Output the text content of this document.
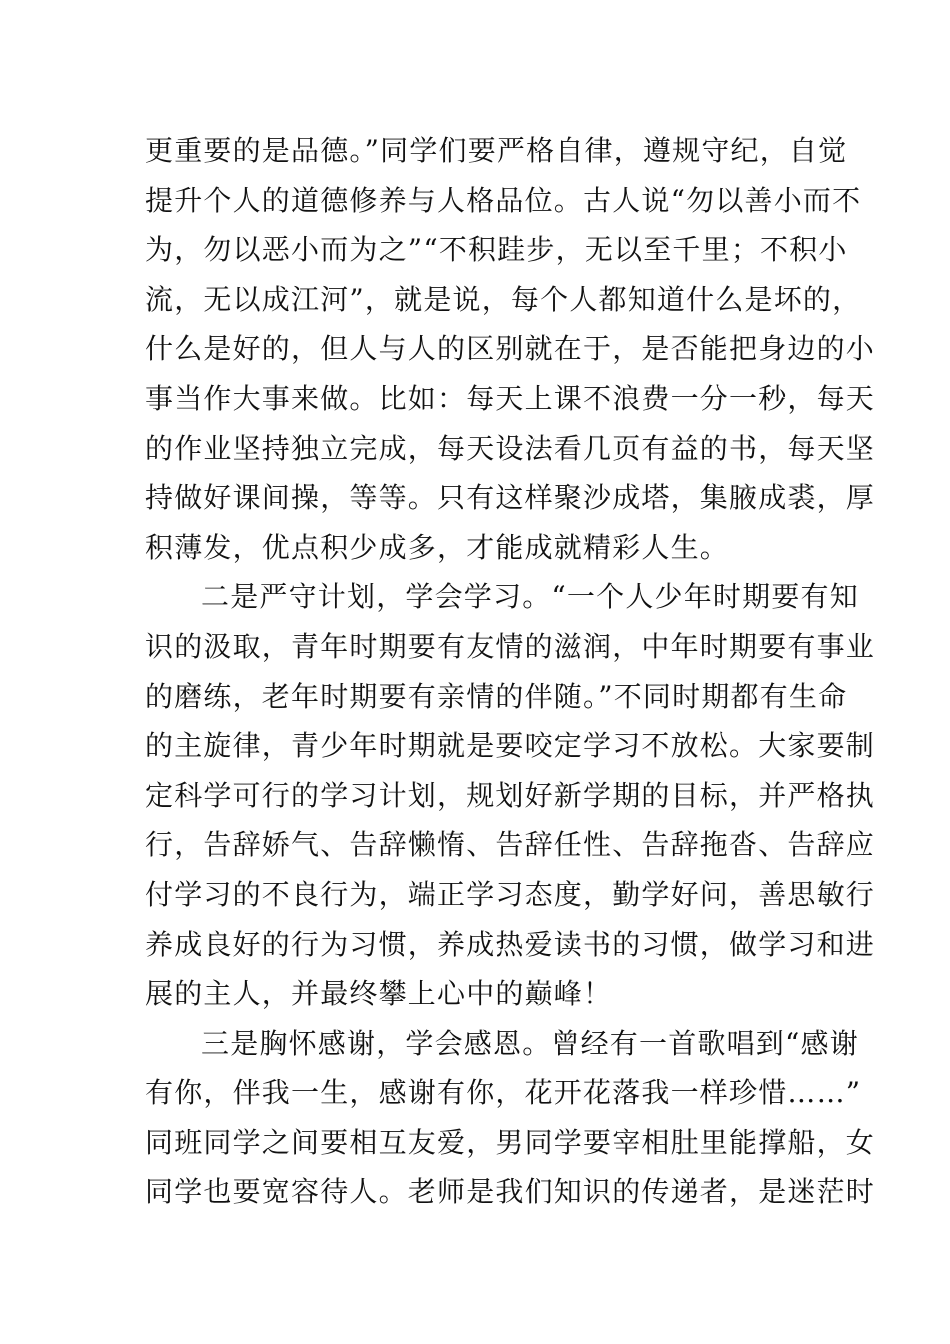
更重要的是品德。”同学们要严格自律，遵规守纪，自觉
提升个人的道德修养与人格品位。古人说“勿以善小而不
为，勿以恶小而为之”“不积跬步，无以至千里；不积小
流，无以成江河”，就是说，每个人都知道什么是坏的，
什么是好的，但人与人的区别就在于，是否能把身边的小
事当作大事来做。比如：每天上课不浪费一分一秒，每天
的作业坚持独立完成，每天设法看几页有益的书，每天坚
持做好课间操，等等。只有这样聚沙成塔，集腋成裘，厚
积薄发，优点积少成多，才能成就精彩人生。
二是严守计划，学会学习。“一个人少年时期要有知
识的汲取，青年时期要有友情的滋润，中年时期要有事业
的磨练，老年时期要有亲情的伴随。”不同时期都有生命
的主旋律，青少年时期就是要咬定学习不放松。大家要制
定科学可行的学习计划，规划好新学期的目标，并严格执
行，告辞娇气、告辞懒惰、告辞任性、告辞拖沓、告辞应
付学习的不良行为，端正学习态度，勤学好问，善思敏行
养成良好的行为习惯，养成热爱读书的习惯，做学习和进
展的主人，并最终攀上心中的巅峰！
三是胸怀感谢，学会感恩。曾经有一首歌唱到“感谢
有你，伴我一生，感谢有你，花开花落我一样珍惜……”
同班同学之间要相互友爱，男同学要宰相肚里能撑船，女
同学也要宽容待人。老师是我们知识的传递者，是迷茫时
